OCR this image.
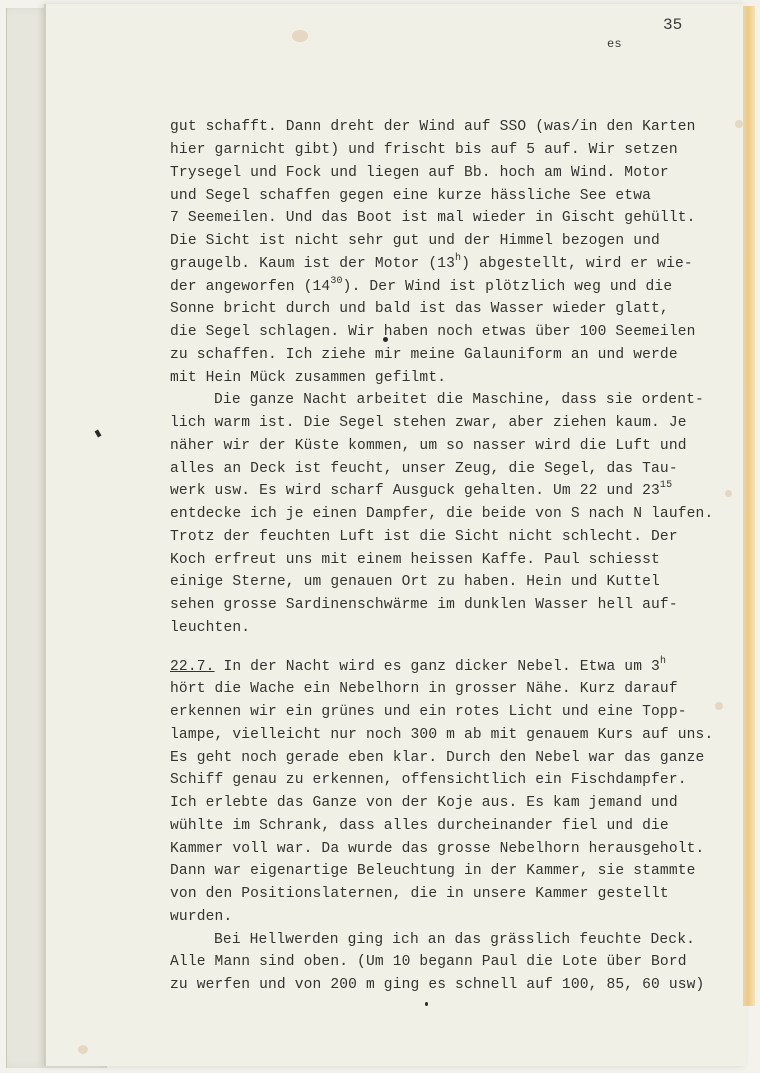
35

es

gut schafft. Dann dreht der Wind auf SSO (was/in den Karten
hier garnicht gibt) und frischt bis auf 5 auf. Wir setzen
Trysegel und Fock und liegen auf Bb. hoch am Wind. Motor
und Segel schaffen gegen eine kurze hässliche See etwa
7 Seemeilen. Und das Boot ist mal wieder in Gischt gehüllt.
Die Sicht ist nicht sehr gut und der Himmel bezogen und
graugelb. Kaum ist der Motor (13$^h$) abgestellt, wird er wie-
der angeworfen (14$^{30}$). Der Wind ist plötzlich weg und die
Sonne bricht durch und bald ist das Wasser wieder glatt,
die Segel schlagen. Wir haben noch etwas über 100 Seemeilen
zu schaffen. Ich ziehe mir meine Galauniform an und werde
mit Hein Mück zusammen gefilmt.
Die ganze Nacht arbeitet die Maschine, dass sie ordent-
lich warm ist. Die Segel stehen zwar, aber ziehen kaum. Je
näher wir der Küste kommen, um so nasser wird die Luft und
alles an Deck ist feucht, unser Zeug, die Segel, das Tau-
werk usw. Es wird scharf Ausguck gehalten. Um 22 und 23$^{15}$
entdecke ich je einen Dampfer, die beide von S nach N laufen.
Trotz der feuchten Luft ist die Sicht nicht schlecht. Der
Koch erfreut uns mit einem heissen Kaffe. Paul schiesst
einige Sterne, um genauen Ort zu haben. Hein und Kuttel
sehen grosse Sardinenschwärme im dunklen Wasser hell auf-
leuchten.
22.7. In der Nacht wird es ganz dicker Nebel. Etwa um 3$^h$
hört die Wache ein Nebelhorn in grosser Nähe. Kurz darauf
erkennen wir ein grünes und ein rotes Licht und eine Topp-
lampe, vielleicht nur noch 300 m ab mit genauem Kurs auf uns.
Es geht noch gerade eben klar. Durch den Nebel war das ganze
Schiff genau zu erkennen, offensichtlich ein Fischdampfer.
Ich erlebte das Ganze von der Koje aus. Es kam jemand und
wühlte im Schrank, dass alles durcheinander fiel und die
Kammer voll war. Da wurde das grosse Nebelhorn herausgeholt.
Dann war eigenartige Beleuchtung in der Kammer, sie stammte
von den Positionslaternen, die in unsere Kammer gestellt
wurden.
Bei Hellwerden ging ich an das grässlich feuchte Deck.
Alle Mann sind oben. (Um 10 begann Paul die Lote über Bord
zu werfen und von 200 m ging es schnell auf 100, 85, 60 usw)
